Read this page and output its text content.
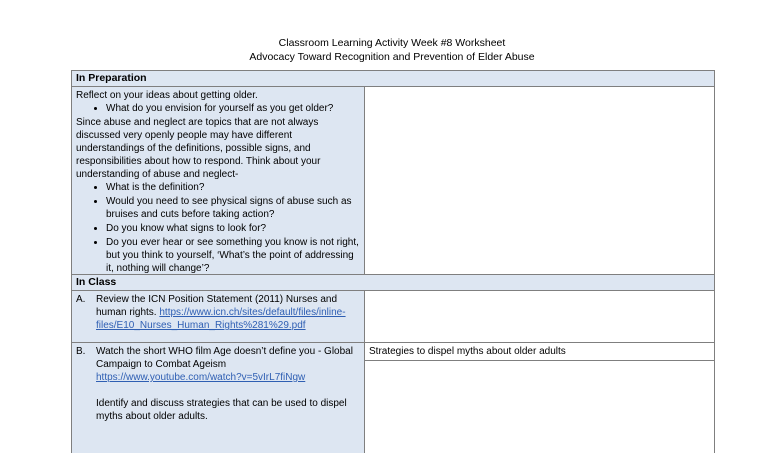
Classroom Learning Activity Week #8 Worksheet
Advocacy Toward Recognition and Prevention of Elder Abuse
In Preparation
Reflect on your ideas about getting older.
• What do you envision for yourself as you get older?
Since abuse and neglect are topics that are not always discussed very openly people may have different understandings of the definitions, possible signs, and responsibilities about how to respond. Think about your understanding of abuse and neglect-
• What is the definition?
• Would you need to see physical signs of abuse such as bruises and cuts before taking action?
• Do you know what signs to look for?
• Do you ever hear or see something you know is not right, but you think to yourself, ‘What’s the point of addressing it, nothing will change’?
In Class
A.	Review the ICN Position Statement (2011) Nurses and human rights. https://www.icn.ch/sites/default/files/inline-files/E10_Nurses_Human_Rights%281%29.pdf
B.	Watch the short WHO film Age doesn’t define you - Global Campaign to Combat Ageism
https://www.youtube.com/watch?v=5vIrL7fiNgw
Identify and discuss strategies that can be used to dispel myths about older adults.
Strategies to dispel myths about older adults
